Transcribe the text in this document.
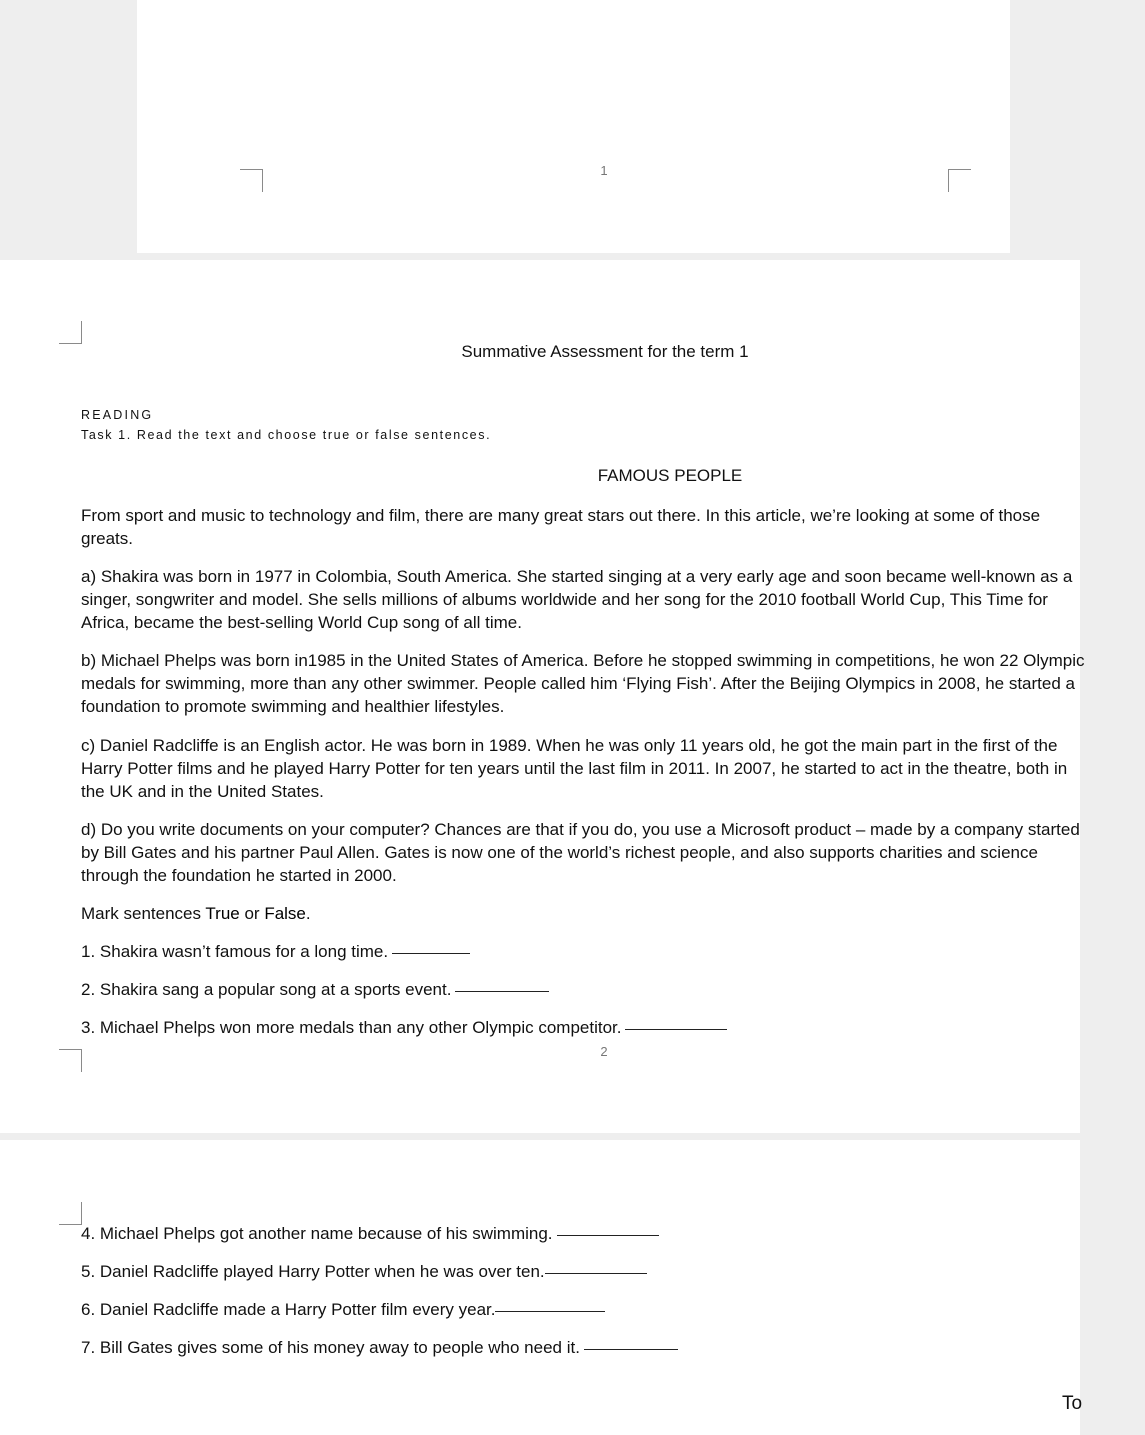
1
Summative Assessment for the term 1
READING
Task 1. Read the text and choose true or false sentences.
FAMOUS PEOPLE
From sport and music to technology and film, there are many great stars out there. In this article, we’re looking at some of those
greats.
a) Shakira was born in 1977 in Colombia, South America. She started singing at a very early age and soon became well-known as a
singer, songwriter and model. She sells millions of albums worldwide and her song for the 2010 football World Cup, This Time for
Africa, became the best-selling World Cup song of all time.
b) Michael Phelps was born in1985 in the United States of America. Before he stopped swimming in competitions, he won 22 Olympic
medals for swimming, more than any other swimmer. People called him ‘Flying Fish’. After the Beijing Olympics in 2008, he started a
foundation to promote swimming and healthier lifestyles.
c) Daniel Radcliffe is an English actor. He was born in 1989. When he was only 11 years old, he got the main part in the first of the
Harry Potter films and he played Harry Potter for ten years until the last film in 2011. In 2007, he started to act in the theatre, both in
the UK and in the United States.
d) Do you write documents on your computer? Chances are that if you do, you use a Microsoft product – made by a company started
by Bill Gates and his partner Paul Allen. Gates is now one of the world’s richest people, and also supports charities and science
through the foundation he started in 2000.
Mark sentences True or False.
1. Shakira wasn’t famous for a long time.
2. Shakira sang a popular song at a sports event.
3. Michael Phelps won more medals than any other Olympic competitor.
2
4. Michael Phelps got another name because of his swimming.
5. Daniel Radcliffe played Harry Potter when he was over ten.
6. Daniel Radcliffe made a Harry Potter film every year.
7. Bill Gates gives some of his money away to people who need it.
To
